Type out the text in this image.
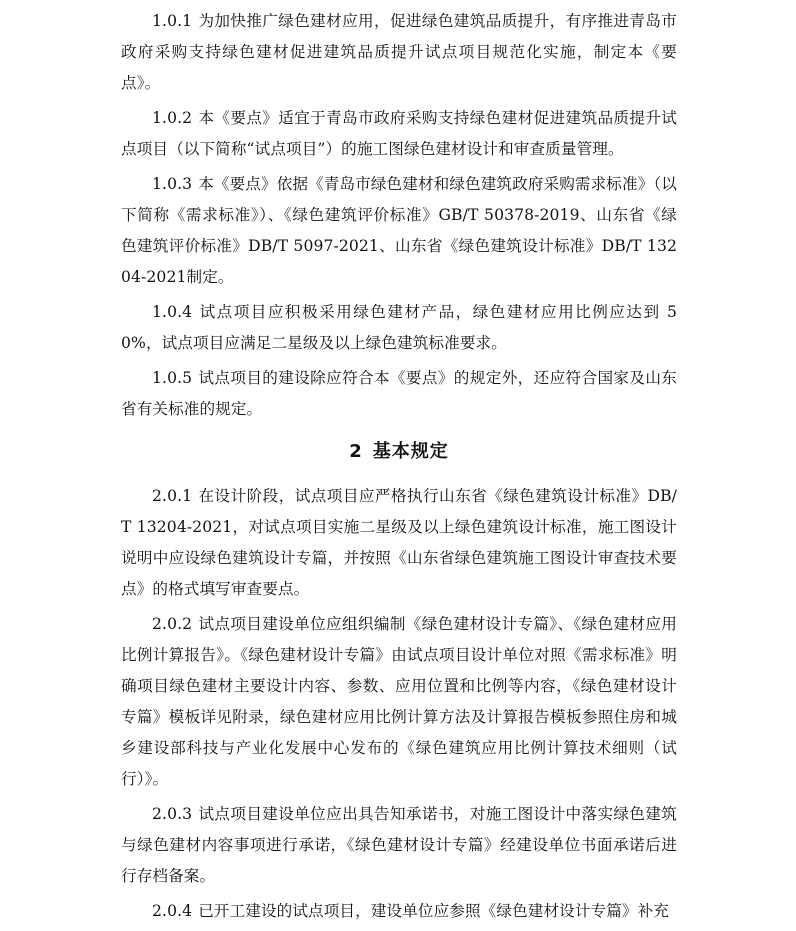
1.0.1 为加快推广绿色建材应用，促进绿色建筑品质提升，有序推进青岛市政府采购支持绿色建材促进建筑品质提升试点项目规范化实施，制定本《要点》。

1.0.2 本《要点》适宜于青岛市政府采购支持绿色建材促进建筑品质提升试点项目（以下简称“试点项目”）的施工图绿色建材设计和审查质量管理。

1.0.3 本《要点》依据《青岛市绿色建材和绿色建筑政府采购需求标准》（以下简称《需求标准》）、《绿色建筑评价标准》GB/T 50378-2019、山东省《绿色建筑评价标准》DB/T 5097-2021、山东省《绿色建筑设计标准》DB/T 13204-2021制定。

1.0.4 试点项目应积极采用绿色建材产品，绿色建材应用比例应达到 50%，试点项目应满足二星级及以上绿色建筑标准要求。

1.0.5 试点项目的建设除应符合本《要点》的规定外，还应符合国家及山东省有关标准的规定。

2 基本规定

2.0.1 在设计阶段，试点项目应严格执行山东省《绿色建筑设计标准》DB/T 13204-2021，对试点项目实施二星级及以上绿色建筑设计标准，施工图设计说明中应设绿色建筑设计专篇，并按照《山东省绿色建筑施工图设计审查技术要点》的格式填写审查要点。

2.0.2 试点项目建设单位应组织编制《绿色建材设计专篇》、《绿色建材应用比例计算报告》。《绿色建材设计专篇》由试点项目设计单位对照《需求标准》明确项目绿色建材主要设计内容、参数、应用位置和比例等内容，《绿色建材设计专篇》模板详见附录，绿色建材应用比例计算方法及计算报告模板参照住房和城乡建设部科技与产业化发展中心发布的《绿色建筑应用比例计算技术细则（试行）》。

2.0.3 试点项目建设单位应出具告知承诺书，对施工图设计中落实绿色建筑与绿色建材内容事项进行承诺，《绿色建材设计专篇》经建设单位书面承诺后进行存档备案。

2.0.4 已开工建设的试点项目，建设单位应参照《绿色建材设计专篇》补充
